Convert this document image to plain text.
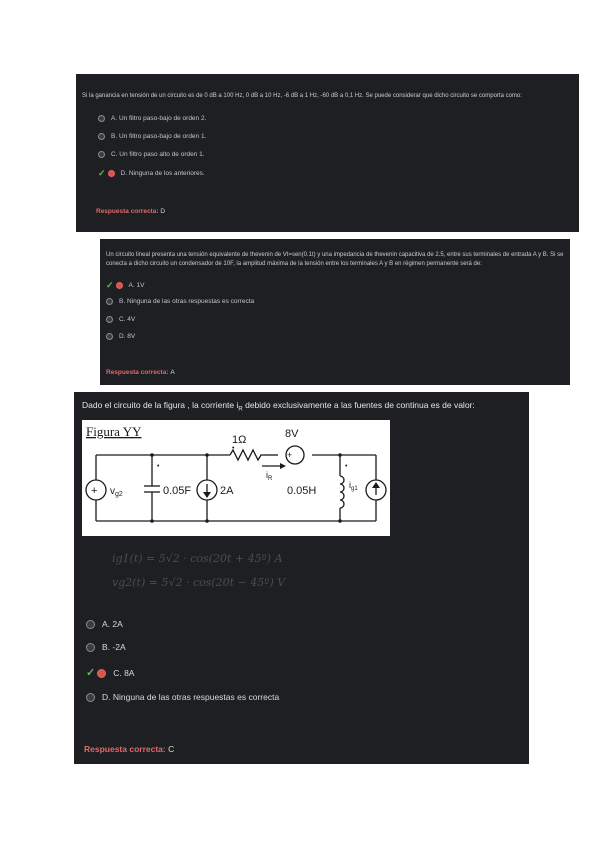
Si la ganancia en tensión de un circuito es de 0 dB a 100 Hz, 0 dB a 10 Hz, -6 dB a 1 Hz, -60 dB a 0,1 Hz. Se puede considerar que dicho circuito se comporta como:
A. Un filtro paso-bajo de orden 2.
B. Un filtro paso-bajo de orden 1.
C. Un filtro paso alto de orden 1.
✓ D. Ninguna de los anteriores.
Respuesta correcta: D
Un circuito lineal presenta una tensión equivalente de thevenin de Vt=sen(0.1t) y una impedancia de thevenin capacitiva de 2.5, entre sus terminales de entrada A y B. Si se conecta a dicho circuito un condensador de 10F, la amplitud máxima de la tensión entre los terminales A y B en régimen permanente será de:
✓ A. 1V
B. Ninguna de las otras respuestas es correcta
C. 4V
D. 8V
Respuesta correcta: A
Dado el circuito de la figura , la corriente $i_R$ debido exclusivamente a las fuentes de continua es de valor:
Figura YY
1Ω	8V
+
+
$i_R$
$v_{g2}$	0.05F	2A	0.05H	$i_{g1}$
•	•
•
ig1(t) = 5√2 · cos(20t + 45º) A
vg2(t) = 5√2 · cos(20t − 45º) V
A. 2A
B. -2A
✓ C. 8A
D. Ninguna de las otras respuestas es correcta
Respuesta correcta: C
